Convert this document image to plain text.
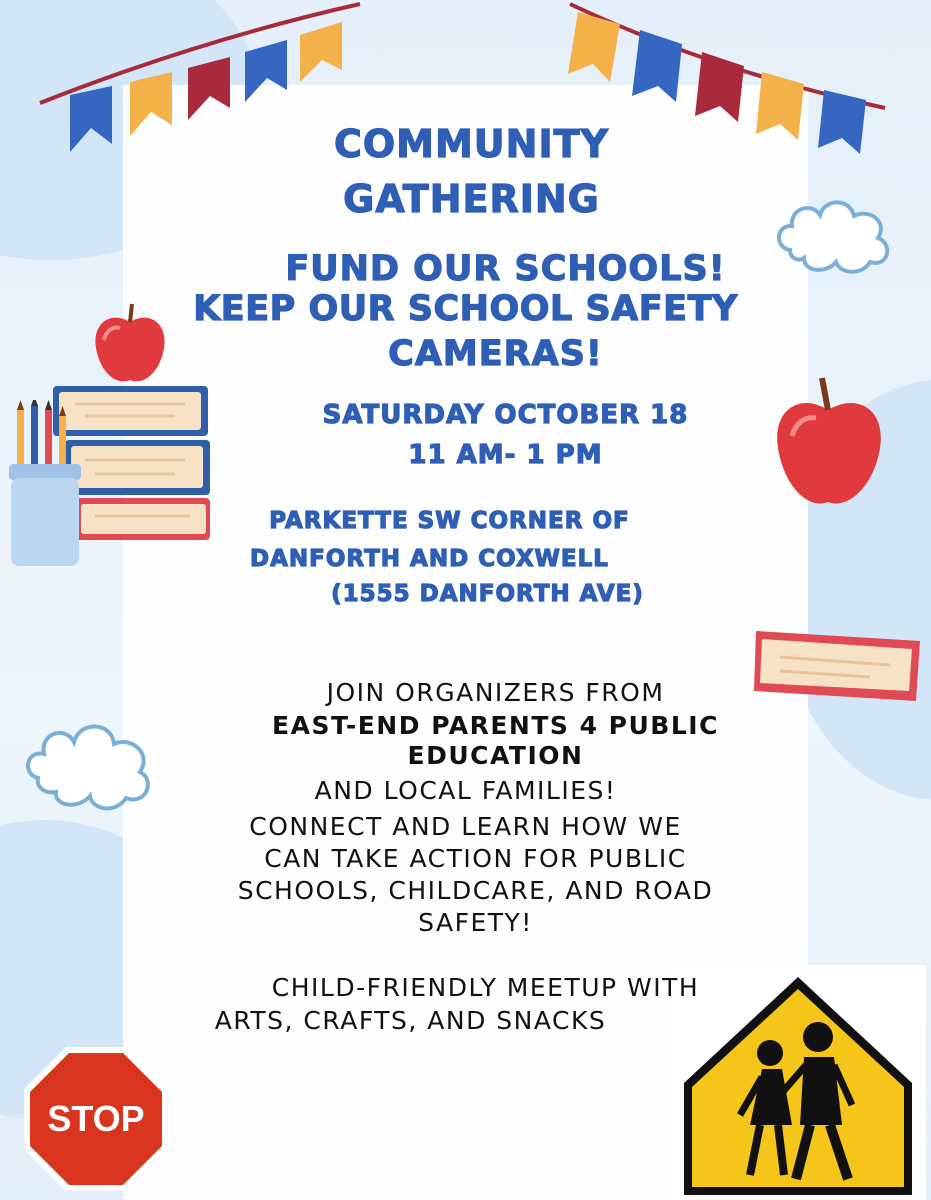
STOP

COMMUNITY

GATHERING

FUND OUR SCHOOLS!

KEEP OUR SCHOOL SAFETY

CAMERAS!

SATURDAY OCTOBER 18

11 AM- 1 PM

PARKETTE SW CORNER OF

DANFORTH AND COXWELL

(1555 DANFORTH AVE)

JOIN ORGANIZERS FROM

EAST-END PARENTS 4 PUBLIC

EDUCATION

AND LOCAL FAMILIES!

CONNECT AND LEARN HOW WE

CAN TAKE ACTION FOR PUBLIC

SCHOOLS, CHILDCARE, AND ROAD

SAFETY!

CHILD-FRIENDLY MEETUP WITH

ARTS, CRAFTS, AND SNACKS
